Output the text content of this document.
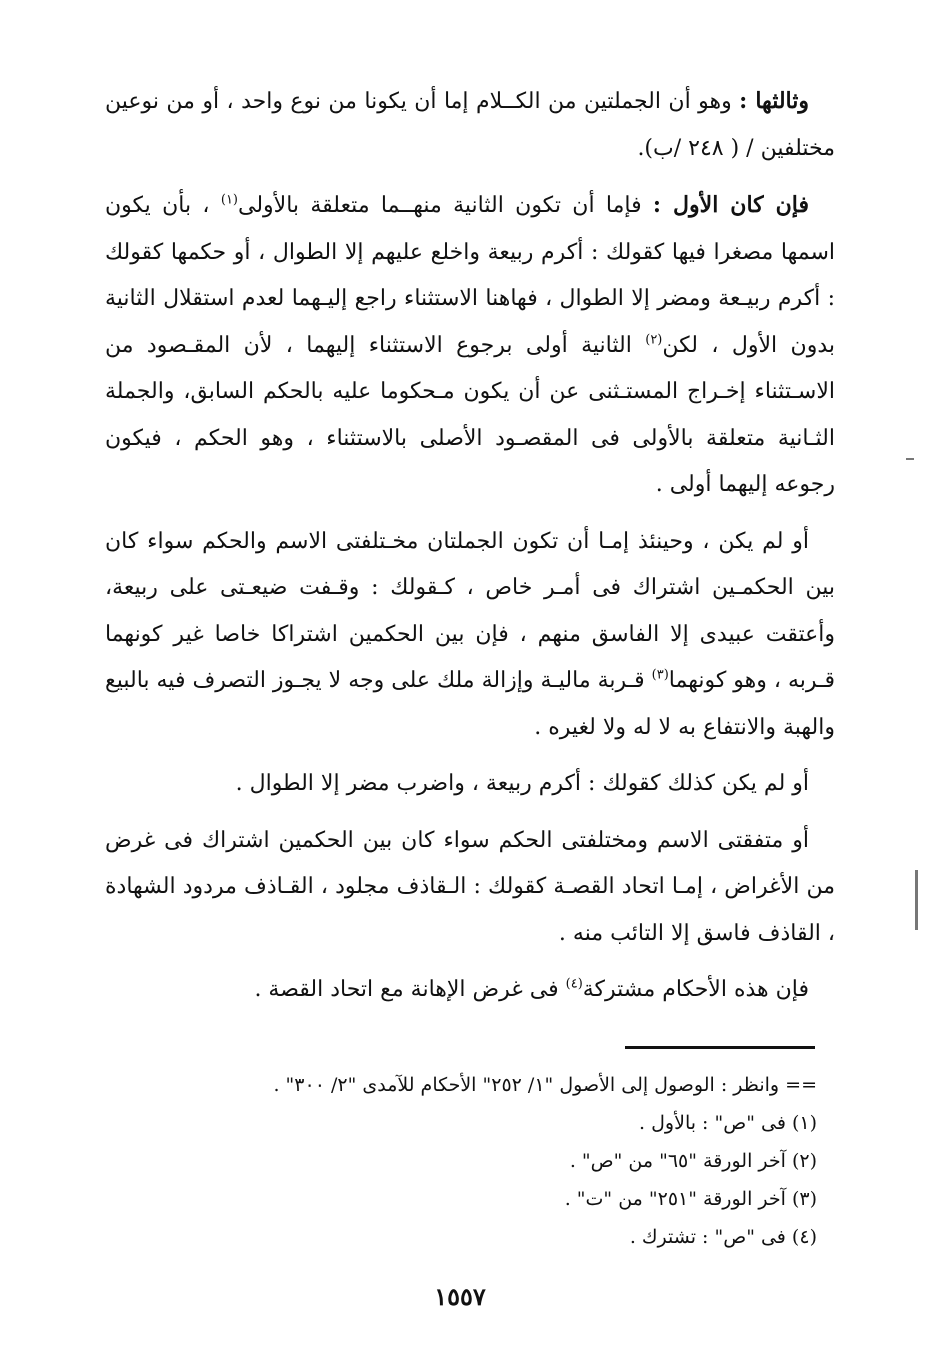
وثالثها : وهو أن الجملتين من الكــلام إما أن يكونا من نوع واحد ، أو من نوعين مختلفين / ( ٢٤٨ /ب).

فإن كان الأول : فإما أن تكون الثانية منهــما متعلقة بالأولى$^{(١)}$ ، بأن يكون اسمها مصغرا فيها كقولك : أكرم ربيعة واخلع عليهم إلا الطوال ، أو حكمها كقولك : أكرم ربيـعة ومضر إلا الطوال ، فهاهنا الاستثناء راجع إليـهما لعدم استقلال الثانية بدون الأول ، لكن$^{(٢)}$ الثانية أولى برجوع الاستثناء إليهما ، لأن المقـصود من الاسـتثناء إخـراج المستـثنى عن أن يكون مـحكوما عليه بالحكم السابق، والجملة الثـانية متعلقة بالأولى فى المقصـود الأصلى بالاستثناء ، وهو الحكم ، فيكون رجوعه إليهما أولى .

أو لم يكن ، وحينئذ إمـا أن تكون الجملتان مخـتلفتى الاسم والحكم سواء كان بين الحكمـين اشتراك فى أمـر خاص ، كـقولك : وقـفت ضيعـتى على ربيعة، وأعتقت عبيدى إلا الفاسق منهم ، فإن بين الحكمين اشتراكا خاصا غير كونهما قـربه ، وهو كونهما$^{(٣)}$ قـربة ماليـة وإزالة ملك على وجه لا يجـوز التصرف فيه بالبيع والهبة والانتفاع به لا له ولا لغيره .

أو لم يكن كذلك كقولك : أكرم ربيعة ، واضرب مضر إلا الطوال .

أو متفقتى الاسم ومختلفتى الحكم سواء كان بين الحكمين اشتراك فى غرض من الأغراض ، إمـا اتحاد القصـة كقولك : الـقاذف مجلود ، القـاذف مردود الشهادة ، القاذف فاسق إلا التائب منه .

فإن هذه الأحكام مشتركة$^{(٤)}$ فى غرض الإهانة مع اتحاد القصة .

== وانظر : الوصول إلى الأصول "١/ ٢٥٢" الأحكام للآمدى "٢/ ٣٠٠" .
(١) فى "ص" : بالأول .
(٢) آخر الورقة "٦٥" من "ص" .
(٣) آخر الورقة "٢٥١" من "ت" .
(٤) فى "ص" : تشترك .
١٥٥٧
